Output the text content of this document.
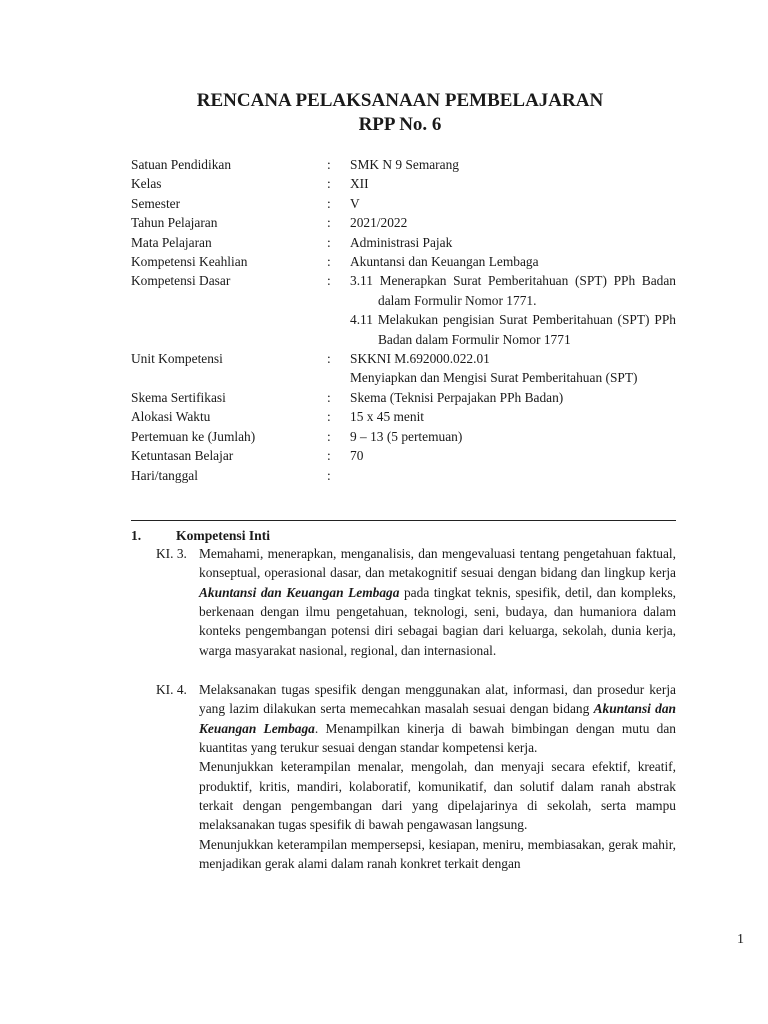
RENCANA PELAKSANAAN PEMBELAJARAN
RPP No. 6
Satuan Pendidikan	: SMK N 9 Semarang
Kelas	: XII
Semester	: V
Tahun Pelajaran	: 2021/2022
Mata Pelajaran	: Administrasi Pajak
Kompetensi Keahlian	: Akuntansi dan Keuangan Lembaga
Kompetensi Dasar	: 3.11 Menerapkan Surat Pemberitahuan (SPT) PPh Badan dalam Formulir Nomor 1771.
4.11 Melakukan pengisian Surat Pemberitahuan (SPT) PPh Badan dalam Formulir Nomor 1771
Unit Kompetensi	: SKKNI M.692000.022.01
Menyiapkan dan Mengisi Surat Pemberitahuan (SPT)
Skema Sertifikasi	: Skema (Teknisi Perpajakan PPh Badan)
Alokasi Waktu	: 15 x 45 menit
Pertemuan ke (Jumlah)	: 9 – 13 (5 pertemuan)
Ketuntasan Belajar	: 70
Hari/tanggal	:
1.	Kompetensi Inti
KI. 3. Memahami, menerapkan, menganalisis, dan mengevaluasi tentang pengetahuan faktual, konseptual, operasional dasar, dan metakognitif sesuai dengan bidang dan lingkup kerja Akuntansi dan Keuangan Lembaga pada tingkat teknis, spesifik, detil, dan kompleks, berkenaan dengan ilmu pengetahuan, teknologi, seni, budaya, dan humaniora dalam konteks pengembangan potensi diri sebagai bagian dari keluarga, sekolah, dunia kerja, warga masyarakat nasional, regional, dan internasional.

KI. 4. Melaksanakan tugas spesifik dengan menggunakan alat, informasi, dan prosedur kerja yang lazim dilakukan serta memecahkan masalah sesuai dengan bidang Akuntansi dan Keuangan Lembaga. Menampilkan kinerja di bawah bimbingan dengan mutu dan kuantitas yang terukur sesuai dengan standar kompetensi kerja.

Menunjukkan keterampilan menalar, mengolah, dan menyaji secara efektif, kreatif, produktif, kritis, mandiri, kolaboratif, komunikatif, dan solutif dalam ranah abstrak terkait dengan pengembangan dari yang dipelajarinya di sekolah, serta mampu melaksanakan tugas spesifik di bawah pengawasan langsung.

Menunjukkan keterampilan mempersepsi, kesiapan, meniru, membiasakan, gerak mahir, menjadikan gerak alami dalam ranah konkret terkait dengan

1
